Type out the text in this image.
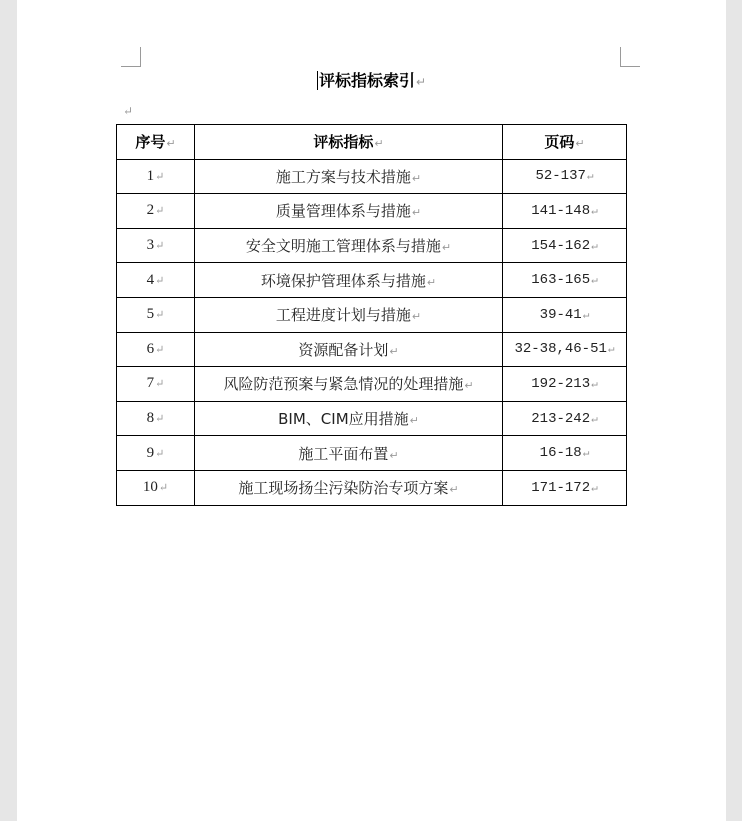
评标指标索引↵
↵
序号↵	评标指标↵	页码↵
1↵	施工方案与技术措施↵	52-137↵
2↵	质量管理体系与措施↵	141-148↵
3↵	安全文明施工管理体系与措施↵	154-162↵
4↵	环境保护管理体系与措施↵	163-165↵
5↵	工程进度计划与措施↵	39-41↵
6↵	资源配备计划↵	32-38,46-51↵
7↵	风险防范预案与紧急情况的处理措施↵	192-213↵
8↵	BIM、CIM应用措施↵	213-242↵
9↵	施工平面布置↵	16-18↵
10↵	施工现场扬尘污染防治专项方案↵	171-172↵
